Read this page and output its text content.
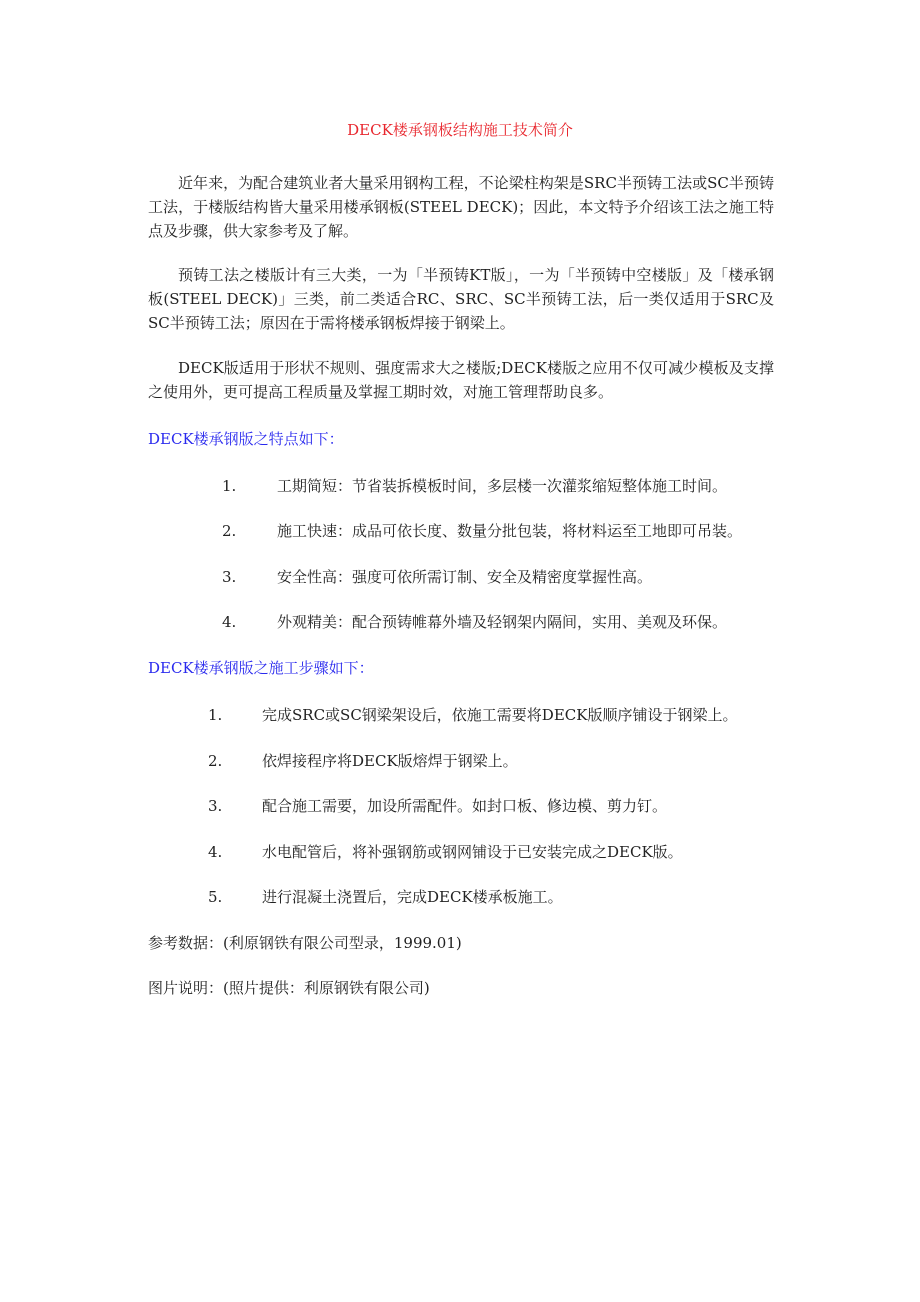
DECK楼承钢板结构施工技术简介

近年来，为配合建筑业者大量采用钢构工程，不论梁柱构架是SRC半预铸工法或SC半预铸工法，于楼版结构皆大量采用楼承钢板(STEEL DECK)；因此，本文特予介绍该工法之施工特点及步骤，供大家参考及了解。

预铸工法之楼版计有三大类，一为「半预铸KT版」，一为「半预铸中空楼版」及「楼承钢板(STEEL DECK)」三类，前二类适合RC、SRC、SC半预铸工法，后一类仅适用于SRC及SC半预铸工法；原因在于需将楼承钢板焊接于钢梁上。

DECK版适用于形状不规则、强度需求大之楼版;DECK楼版之应用不仅可减少模板及支撑之使用外，更可提高工程质量及掌握工期时效，对施工管理帮助良多。

DECK楼承钢版之特点如下：
1.	工期简短：节省装拆模板时间，多层楼一次灌浆缩短整体施工时间。
2.	施工快速：成品可依长度、数量分批包装，将材料运至工地即可吊装。
3.	安全性高：强度可依所需订制、安全及精密度掌握性高。
4.	外观精美：配合预铸帷幕外墙及轻钢架内隔间，实用、美观及环保。
DECK楼承钢版之施工步骤如下：
1.	完成SRC或SC钢梁架设后，依施工需要将DECK版顺序铺设于钢梁上。
2.	依焊接程序将DECK版熔焊于钢梁上。
3.	配合施工需要，加设所需配件。如封口板、修边模、剪力钉。
4.	水电配管后，将补强钢筋或钢网铺设于已安装完成之DECK版。
5.	进行混凝土浇置后，完成DECK楼承板施工。
参考数据：(利原钢铁有限公司型录，1999.01)
图片说明：(照片提供：利原钢铁有限公司)
